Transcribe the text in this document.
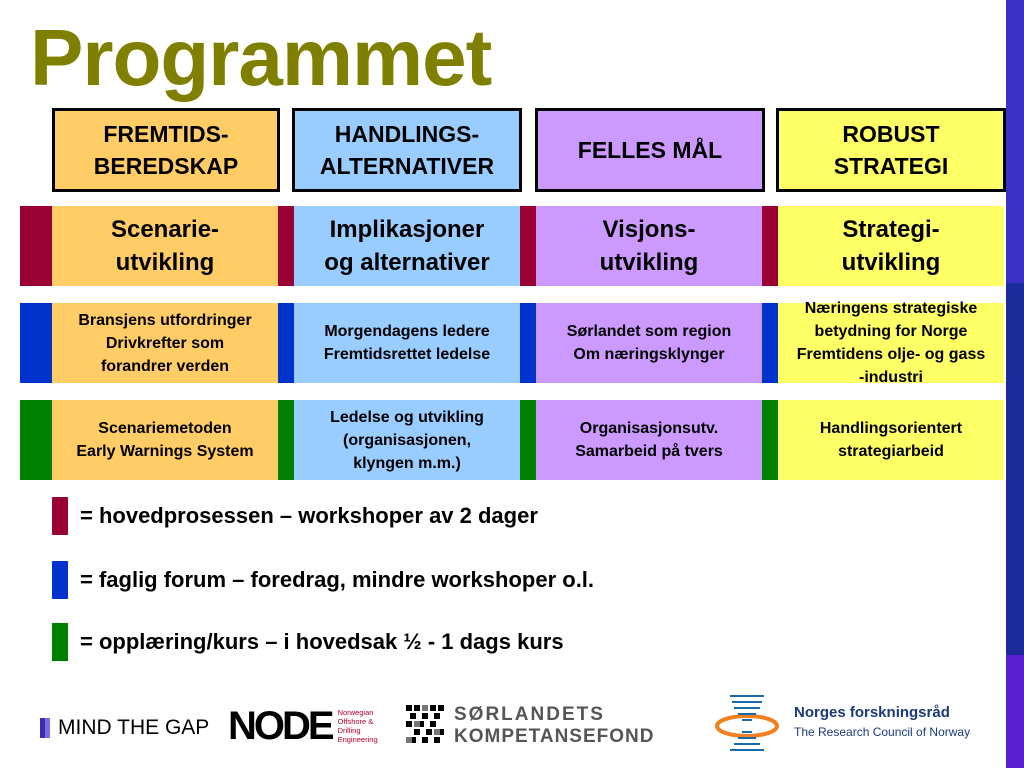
Programmet
FREMTIDS-
BEREDSKAP
HANDLINGS-
ALTERNATIVER
FELLES MÅL
ROBUST
STRATEGI
Scenarie-
utvikling
Implikasjoner
og alternativer
Visjons-
utvikling
Strategi-
utvikling
Bransjens utfordringer
Drivkrefter som
forandrer verden
Morgendagens ledere
Fremtidsrettet ledelse
Sørlandet som region
Om næringsklynger
Næringens strategiske
betydning for Norge
Fremtidens olje- og gass
-industri
Scenariemetoden
Early Warnings System
Ledelse og utvikling
(organisasjonen,
klyngen m.m.)
Organisasjonsutv.
Samarbeid på tvers
Handlingsorientert
strategiarbeid
= hovedprosessen – workshoper av 2 dager
= faglig forum – foredrag, mindre workshoper o.l.
= opplæring/kurs – i hovedsak ½ - 1 dags kurs
MIND THE GAP NODE Norwegian
Offshore &
Drilling
Engineering
SØRLANDETS
KOMPETANSEFOND
Norges forskningsråd
The Research Council of Norway
